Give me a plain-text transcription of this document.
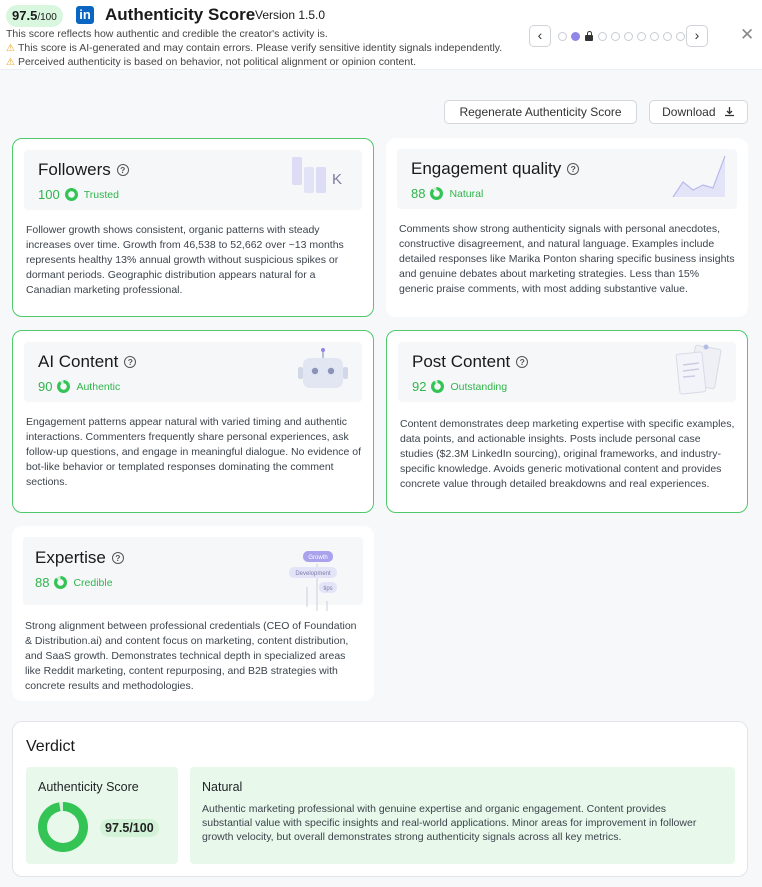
97.5/100	in Authenticity Score Version 1.5.0
This score reflects how authentic and credible the creator's activity is.
⚠ This score is AI-generated and may contain errors. Please verify sensitive identity signals independently.
⚠ Perceived authenticity is based on behavior, not political alignment or opinion content.
‹	›	✕
Regenerate Authenticity Score	Download
Followers ?
100 Trusted
K
Follower growth shows consistent, organic patterns with steady increases over time. Growth from 46,538 to 52,662 over ~13 months represents healthy 13% annual growth without suspicious spikes or dormant periods. Geographic distribution appears natural for a Canadian marketing professional.
Engagement quality ?
88 Natural
Comments show strong authenticity signals with personal anecdotes, constructive disagreement, and natural language. Examples include detailed responses like Marika Ponton sharing specific business insights and genuine debates about marketing strategies. Less than 15% generic praise comments, with most adding substantive value.
AI Content ?
90 Authentic
Engagement patterns appear natural with varied timing and authentic interactions. Commenters frequently share personal experiences, ask follow-up questions, and engage in meaningful dialogue. No evidence of bot-like behavior or templated responses dominating the comment sections.
Post Content ?
92 Outstanding
Content demonstrates deep marketing expertise with specific examples, data points, and actionable insights. Posts include personal case studies ($2.3M LinkedIn sourcing), original frameworks, and industry-specific knowledge. Avoids generic motivational content and provides concrete value through detailed breakdowns and real experiences.
Expertise ?
88 Credible
Growth
Development
tips
Strong alignment between professional credentials (CEO of Foundation & Distribution.ai) and content focus on marketing, content distribution, and SaaS growth. Demonstrates technical depth in specialized areas like Reddit marketing, content repurposing, and B2B strategies with concrete results and methodologies.
Verdict
Authenticity Score
97.5/100
Natural
Authentic marketing professional with genuine expertise and organic engagement. Content provides substantial value with specific insights and real-world applications. Minor areas for improvement in follower growth velocity, but overall demonstrates strong authenticity signals across all key metrics.
